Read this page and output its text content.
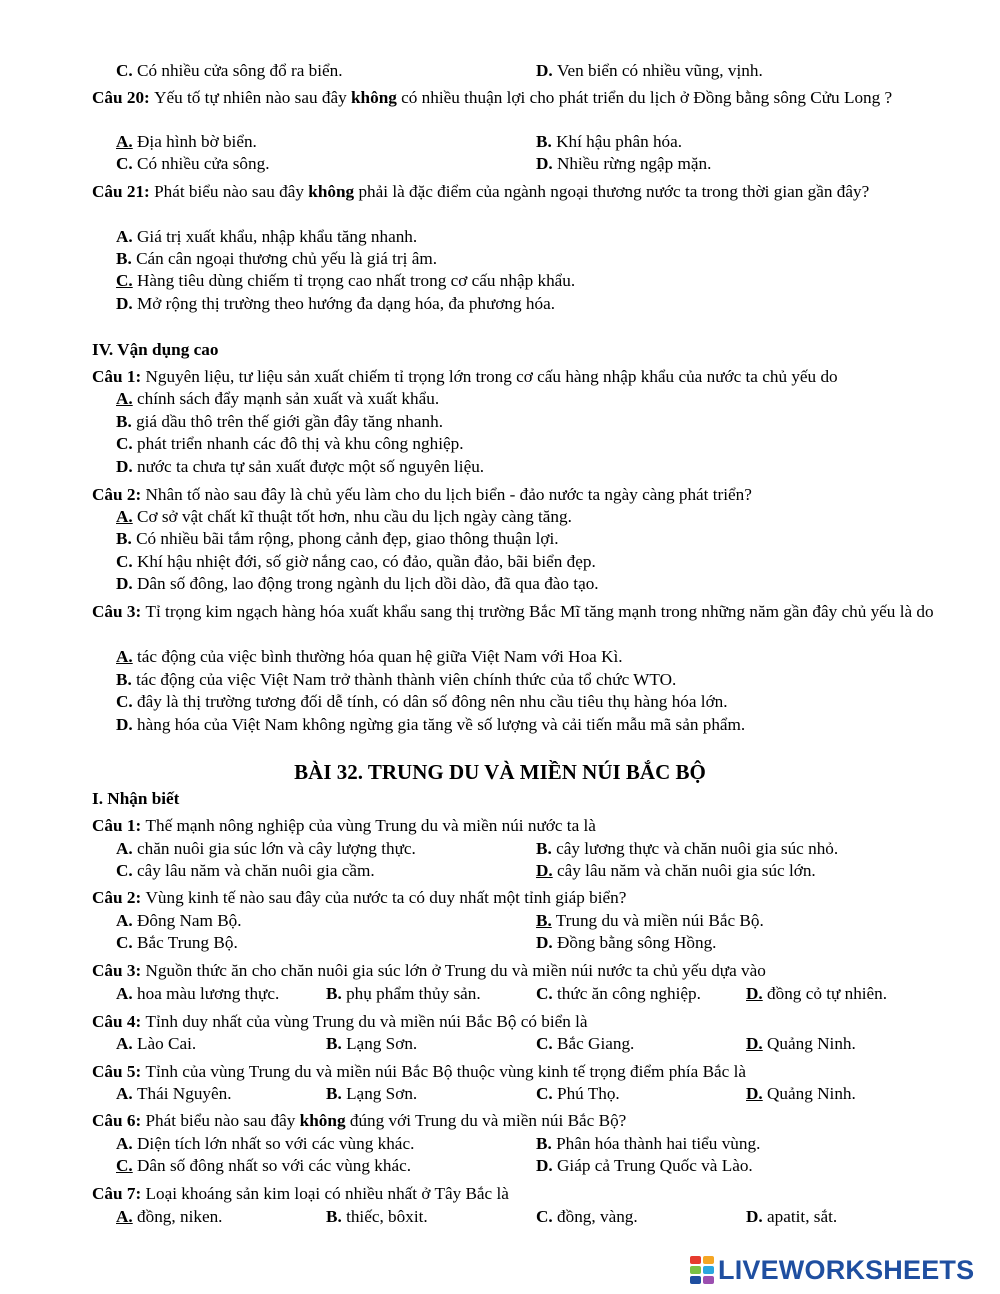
BÀI 32. TRUNG DU VÀ MIỀN NÚI BẮC BỘ
C. Có nhiều cửa sông đổ ra biển.	D. Ven biển có nhiều vũng, vịnh.
Câu 20: Yếu tố tự nhiên nào sau đây không có nhiều thuận lợi cho phát triển du lịch ở Đồng bằng sông Cửu Long ?
A. Địa hình bờ biển.	B. Khí hậu phân hóa.
C. Có nhiều cửa sông.	D. Nhiều rừng ngập mặn.
Câu 21: Phát biểu nào sau đây không phải là đặc điểm của ngành ngoại thương nước ta trong thời gian gần đây?
A. Giá trị xuất khẩu, nhập khẩu tăng nhanh.
B. Cán cân ngoại thương chủ yếu là giá trị âm.
C. Hàng tiêu dùng chiếm tỉ trọng cao nhất trong cơ cấu nhập khẩu.
D. Mở rộng thị trường theo hướng đa dạng hóa, đa phương hóa.
IV. Vận dụng cao
Câu 1: Nguyên liệu, tư liệu sản xuất chiếm tỉ trọng lớn trong cơ cấu hàng nhập khẩu của nước ta chủ yếu do
A. chính sách đẩy mạnh sản xuất và xuất khẩu.
B. giá dầu thô trên thế giới gần đây tăng nhanh.
C. phát triển nhanh các đô thị và khu công nghiệp.
D. nước ta chưa tự sản xuất được một số nguyên liệu.
Câu 2: Nhân tố nào sau đây là chủ yếu làm cho du lịch biển - đảo nước ta ngày càng phát triển?
A. Cơ sở vật chất kĩ thuật tốt hơn, nhu cầu du lịch ngày càng tăng.
B. Có nhiều bãi tắm rộng, phong cảnh đẹp, giao thông thuận lợi.
C. Khí hậu nhiệt đới, số giờ nắng cao, có đảo, quần đảo, bãi biển đẹp.
D. Dân số đông, lao động trong ngành du lịch dồi dào, đã qua đào tạo.
Câu 3: Tỉ trọng kim ngạch hàng hóa xuất khẩu sang thị trường Bắc Mĩ tăng mạnh trong những năm gần đây chủ yếu là do
A. tác động của việc bình thường hóa quan hệ giữa Việt Nam với Hoa Kì.
B. tác động của việc Việt Nam trở thành thành viên chính thức của tổ chức WTO.
C. đây là thị trường tương đối dễ tính, có dân số đông nên nhu cầu tiêu thụ hàng hóa lớn.
D. hàng hóa của Việt Nam không ngừng gia tăng về số lượng và cải tiến mẫu mã sản phẩm.
I. Nhận biết
Câu 1: Thế mạnh nông nghiệp của vùng Trung du và miền núi nước ta là
A. chăn nuôi gia súc lớn và cây lượng thực.	B. cây lương thực và chăn nuôi gia súc nhỏ.
C. cây lâu năm và chăn nuôi gia cầm.	D. cây lâu năm và chăn nuôi gia súc lớn.
Câu 2: Vùng kinh tế nào sau đây của nước ta có duy nhất một tỉnh giáp biển?
A. Đông Nam Bộ.	B. Trung du và miền núi Bắc Bộ.
C. Bắc Trung Bộ.	D. Đồng bằng sông Hồng.
Câu 3: Nguồn thức ăn cho chăn nuôi gia súc lớn ở Trung du và miền núi nước ta chủ yếu dựa vào
A. hoa màu lương thực.	B. phụ phẩm thủy sản.	C. thức ăn công nghiệp.	D. đồng cỏ tự nhiên.
Câu 4: Tỉnh duy nhất của vùng Trung du và miền núi Bắc Bộ có biển là
A. Lào Cai.	B. Lạng Sơn.	C. Bắc Giang.	D. Quảng Ninh.
Câu 5: Tỉnh của vùng Trung du và miền núi Bắc Bộ thuộc vùng kinh tế trọng điểm phía Bắc là
A. Thái Nguyên.	B. Lạng Sơn.	C. Phú Thọ.	D. Quảng Ninh.
Câu 6: Phát biểu nào sau đây không đúng với Trung du và miền núi Bắc Bộ?
A. Diện tích lớn nhất so với các vùng khác.	B. Phân hóa thành hai tiểu vùng.
C. Dân số đông nhất so với các vùng khác.	D. Giáp cả Trung Quốc và Lào.
Câu 7: Loại khoáng sản kim loại có nhiều nhất ở Tây Bắc là
A. đồng, niken.	B. thiếc, bôxit.	C. đồng, vàng.	D. apatit, sắt.
LIVEWORKSHEETS
